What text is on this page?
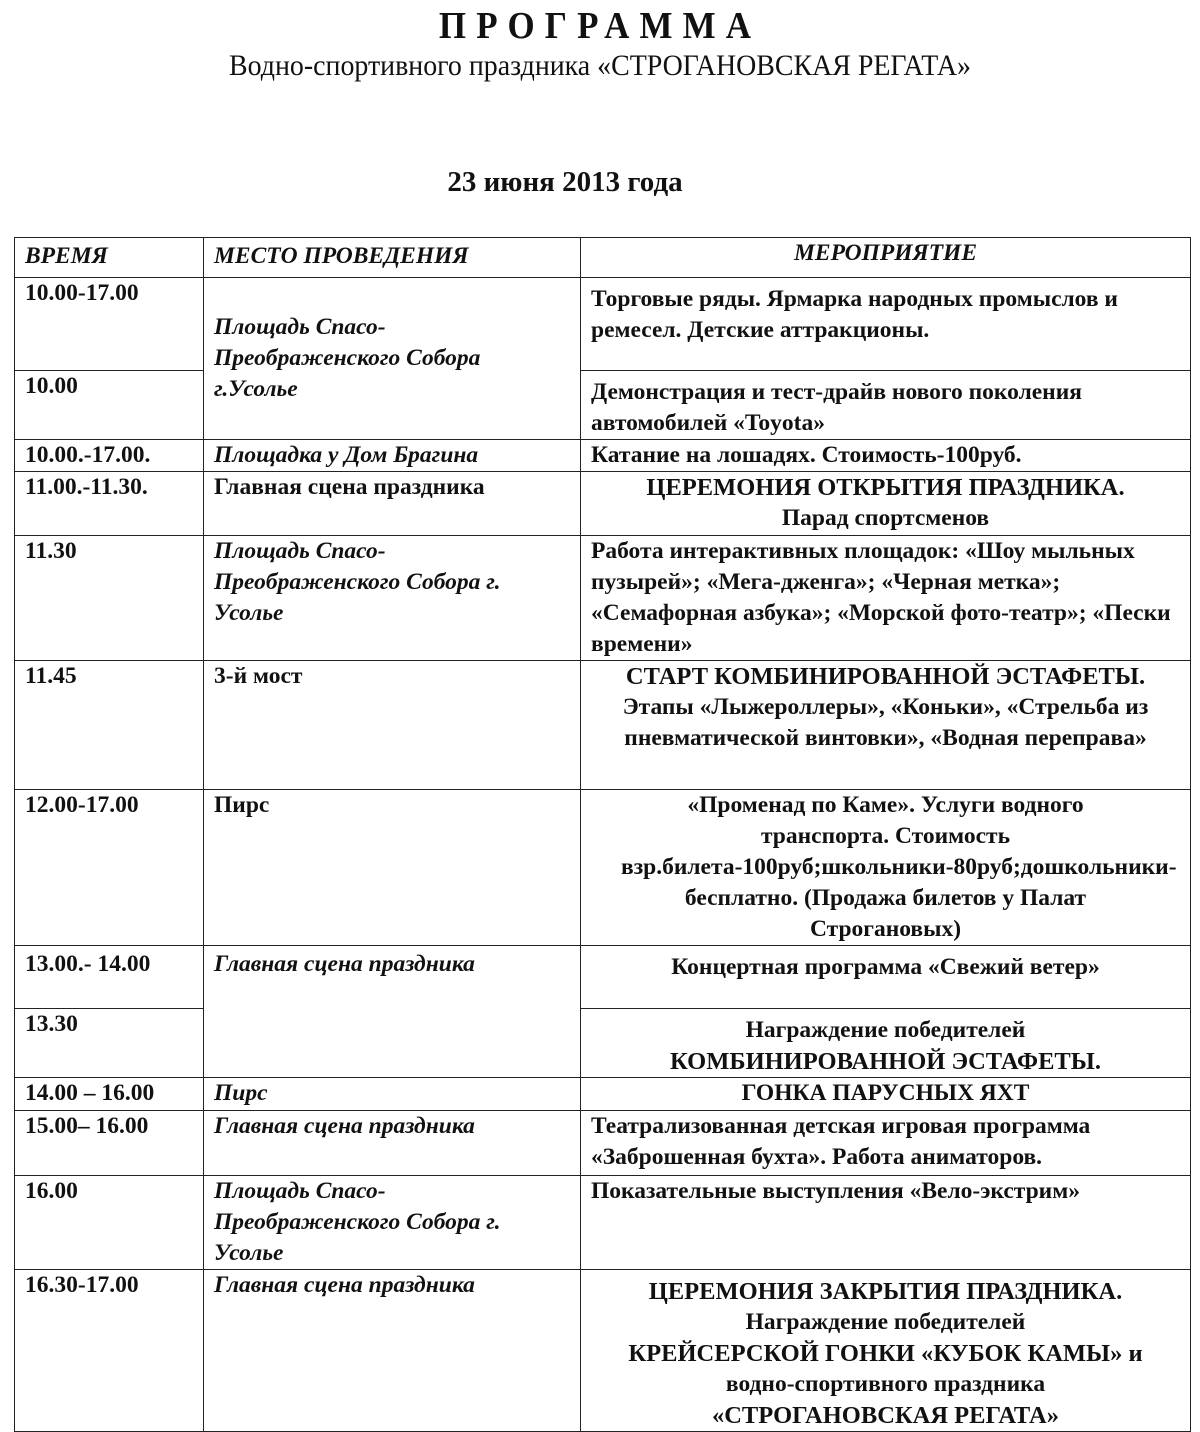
ПРОГРАММА
Водно-спортивного праздника «СТРОГАНОВСКАЯ РЕГАТА»
23 июня 2013 года
ВРЕМЯ	МЕСТО ПРОВЕДЕНИЯ	МЕРОПРИЯТИЕ
10.00-17.00	Площадь Спасо-Преображенского Собора г.Усолье	Торговые ряды. Ярмарка народных промыслов и ремесел. Детские аттракционы.
10.00		Демонстрация и тест-драйв нового поколения автомобилей «Toyota»
10.00.-17.00.	Площадка у Дом Брагина	Катание на лошадях. Стоимость-100руб.
11.00.-11.30.	Главная сцена праздника	ЦЕРЕМОНИЯ ОТКРЫТИЯ ПРАЗДНИКА.
Парад спортсменов

11.30	Площадь Спасо-Преображенского Собора г. Усолье	Работа интерактивных площадок: «Шоу мыльных пузырей»; «Мега-дженга»; «Черная метка»; «Семафорная азбука»; «Морской фото-театр»; «Пески времени»
11.45	3-й мост	СТАРТ КОМБИНИРОВАННОЙ ЭСТАФЕТЫ.
Этапы «Лыжероллеры», «Коньки», «Стрельба из пневматической винтовки», «Водная переправа»

12.00-17.00	Пирс	«Променад по Каме». Услуги водного транспорта. Стоимость взр.билета-100руб;школьники-80руб;дошкольники-бесплатно. (Продажа билетов у Палат Строгановых)
13.00.- 14.00	Главная сцена праздника	Концертная программа «Свежий ветер»
13.30		Награждение победителей
КОМБИНИРОВАННОЙ ЭСТАФЕТЫ.

14.00 – 16.00	Пирс	ГОНКА ПАРУСНЫХ ЯХТ
15.00– 16.00	Главная сцена праздника	Театрализованная детская игровая программа «Заброшенная бухта». Работа аниматоров.
16.00	Площадь Спасо-Преображенского Собора г. Усолье	Показательные выступления «Вело-экстрим»
16.30-17.00	Главная сцена праздника	ЦЕРЕМОНИЯ ЗАКРЫТИЯ ПРАЗДНИКА.
Награждение победителей
КРЕЙСЕРСКОЙ ГОНКИ «КУБОК КАМЫ» и
водно-спортивного праздника
«СТРОГАНОВСКАЯ РЕГАТА»
